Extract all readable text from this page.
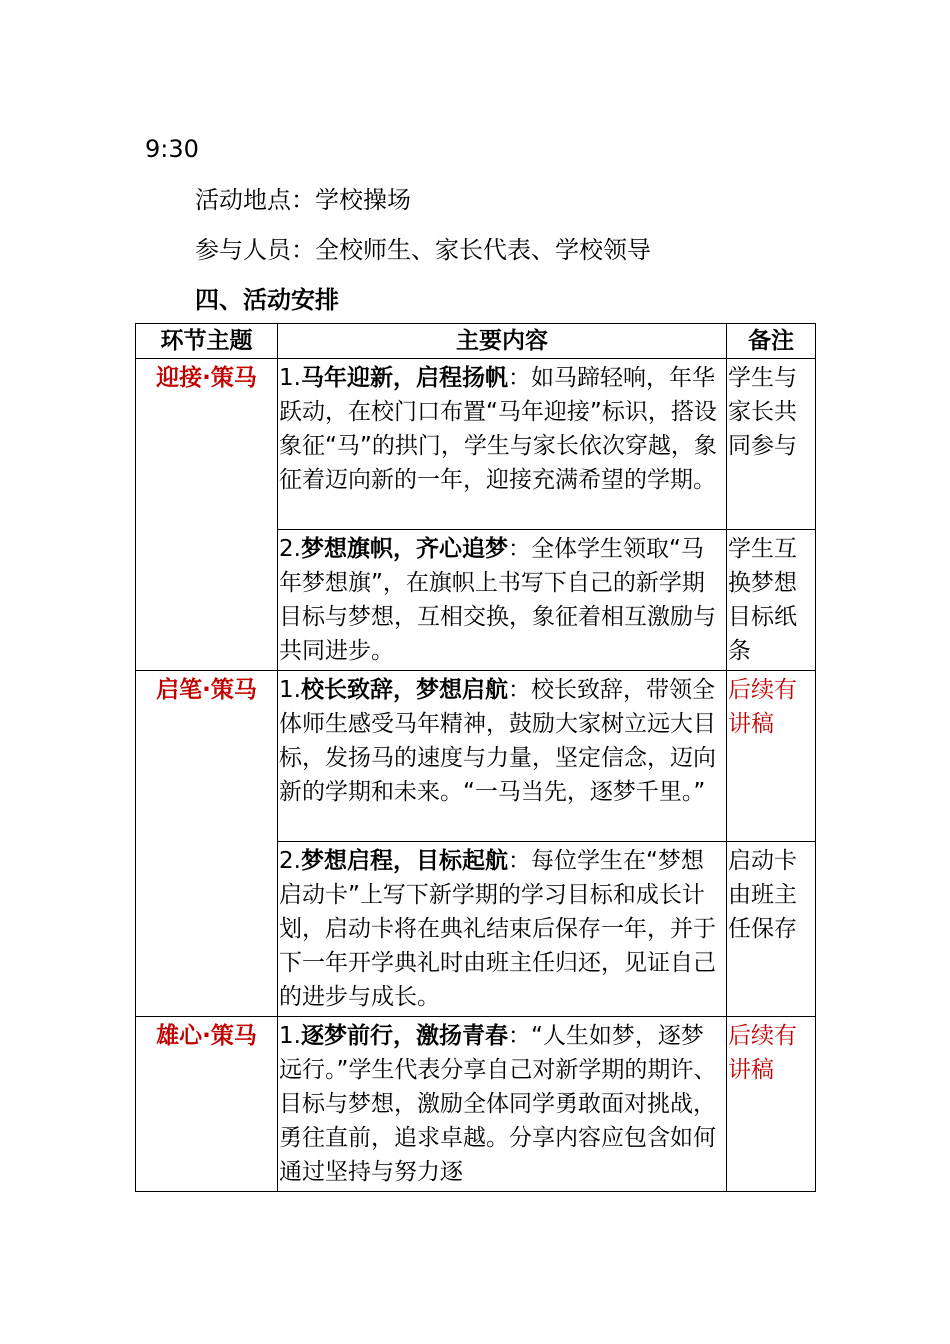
9:30
活动地点：学校操场
参与人员：全校师生、家长代表、学校领导
四、活动安排
环节主题	主要内容	备注
迎接·策马	1.马年迎新，启程扬帆：如马蹄轻响，年华跃动，在校门口布置“马年迎接”标识，搭设象征“马”的拱门，学生与家长依次穿越，象征着迈向新的一年，迎接充满希望的学期。	学生与家长共同参与
	2.梦想旗帜，齐心追梦：全体学生领取“马年梦想旗”，在旗帜上书写下自己的新学期目标与梦想，互相交换，象征着相互激励与共同进步。	学生互换梦想目标纸条
启笔·策马	1.校长致辞，梦想启航：校长致辞，带领全体师生感受马年精神，鼓励大家树立远大目标，发扬马的速度与力量，坚定信念，迈向新的学期和未来。“一马当先，逐梦千里。”	后续有讲稿
	2.梦想启程，目标起航：每位学生在“梦想启动卡”上写下新学期的学习目标和成长计划，启动卡将在典礼结束后保存一年，并于下一年开学典礼时由班主任归还，见证自己的进步与成长。	启动卡由班主任保存
雄心·策马	1.逐梦前行，激扬青春：“人生如梦，逐梦远行。”学生代表分享自己对新学期的期许、目标与梦想，激励全体同学勇敢面对挑战，勇往直前，追求卓越。分享内容应包含如何通过坚持与努力逐	后续有讲稿
